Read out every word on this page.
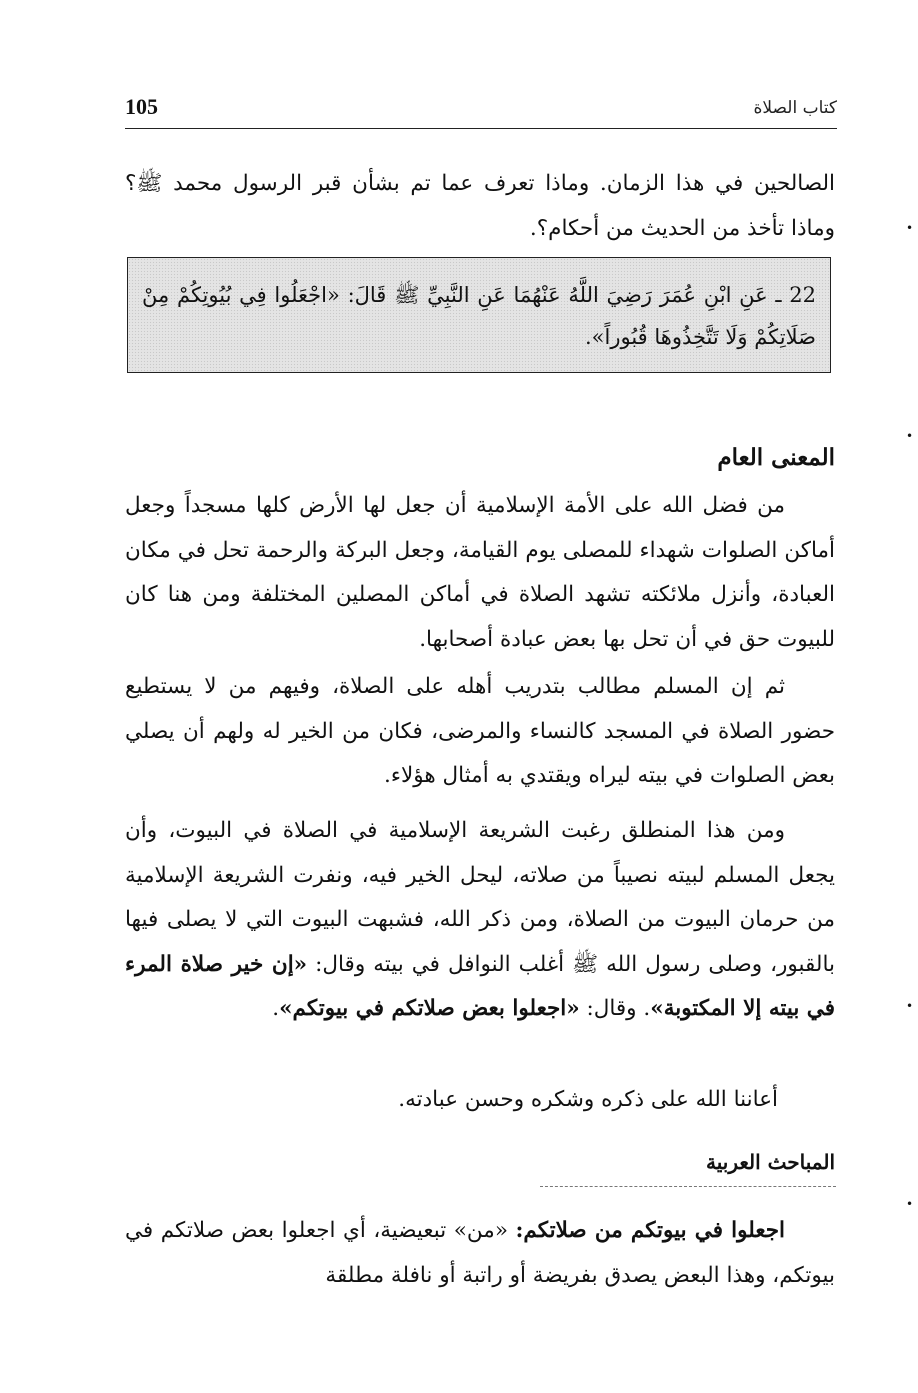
105	كتاب الصلاة

الصالحين في هذا الزمان. وماذا تعرف عما تم بشأن قبر الرسول محمد ﷺ؟ وماذا تأخذ من الحديث من أحكام؟.

22 ـ عَنِ ابْنِ عُمَرَ رَضِيَ اللَّهُ عَنْهُمَا عَنِ النَّبِيِّ ﷺ قَالَ: «اجْعَلُوا فِي بُيُوتِكُمْ مِنْ صَلَاتِكُمْ وَلَا تَتَّخِذُوهَا قُبُوراً».

المعنى العام

من فضل الله على الأمة الإسلامية أن جعل لها الأرض كلها مسجداً وجعل أماكن الصلوات شهداء للمصلى يوم القيامة، وجعل البركة والرحمة تحل في مكان العبادة، وأنزل ملائكته تشهد الصلاة في أماكن المصلين المختلفة ومن هنا كان للبيوت حق في أن تحل بها بعض عبادة أصحابها.

ثم إن المسلم مطالب بتدريب أهله على الصلاة، وفيهم من لا يستطيع حضور الصلاة في المسجد كالنساء والمرضى، فكان من الخير له ولهم أن يصلي بعض الصلوات في بيته ليراه ويقتدي به أمثال هؤلاء.

ومن هذا المنطلق رغبت الشريعة الإسلامية في الصلاة في البيوت، وأن يجعل المسلم لبيته نصيباً من صلاته، ليحل الخير فيه، ونفرت الشريعة الإسلامية من حرمان البيوت من الصلاة، ومن ذكر الله، فشبهت البيوت التي لا يصلى فيها بالقبور، وصلى رسول الله ﷺ أغلب النوافل في بيته وقال: «إن خير صلاة المرء في بيته إلا المكتوبة». وقال: «اجعلوا بعض صلاتكم في بيوتكم».

أعاننا الله على ذكره وشكره وحسن عبادته.

المباحث العربية

اجعلوا في بيوتكم من صلاتكم: «من» تبعيضية، أي اجعلوا بعض صلاتكم في بيوتكم، وهذا البعض يصدق بفريضة أو راتبة أو نافلة مطلقة

•
•
•
•
